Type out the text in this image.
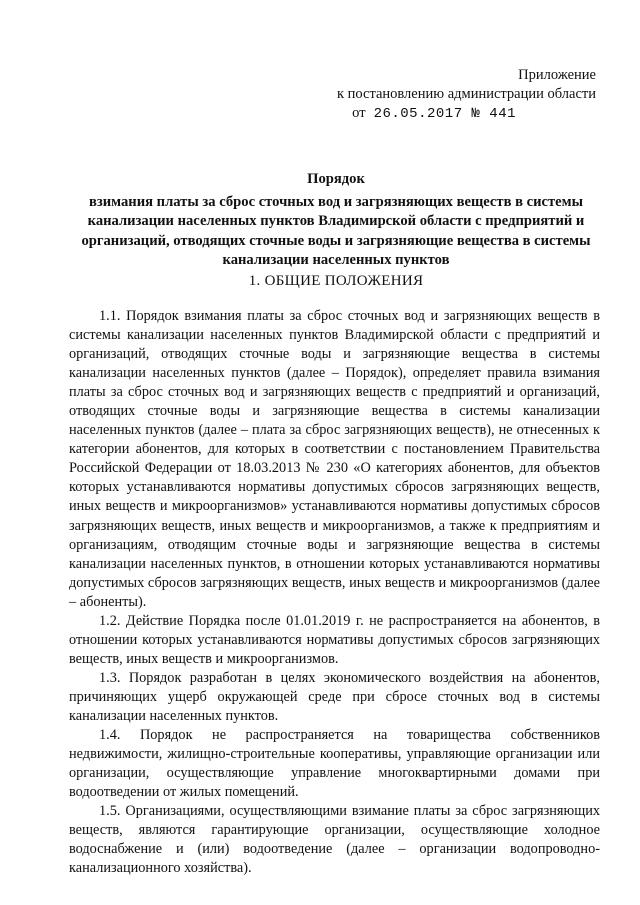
Приложение
к постановлению администрации области
от 26.05.2017 № 441
Порядок
взимания платы за сброс сточных вод и загрязняющих веществ в системы канализации населенных пунктов Владимирской области с предприятий и организаций, отводящих сточные воды и загрязняющие вещества в системы канализации населенных пунктов
1. ОБЩИЕ ПОЛОЖЕНИЯ

1.1. Порядок взимания платы за сброс сточных вод и загрязняющих веществ в системы канализации населенных пунктов Владимирской области с предприятий и организаций, отводящих сточные воды и загрязняющие вещества в системы канализации населенных пунктов (далее – Порядок), определяет правила взимания платы за сброс сточных вод и загрязняющих веществ с предприятий и организаций, отводящих сточные воды и загрязняющие вещества в системы канализации населенных пунктов (далее – плата за сброс загрязняющих веществ), не отнесенных к категории абонентов, для которых в соответствии с постановлением Правительства Российской Федерации от 18.03.2013 № 230 «О категориях абонентов, для объектов которых устанавливаются нормативы допустимых сбросов загрязняющих веществ, иных веществ и микроорганизмов» устанавливаются нормативы допустимых сбросов загрязняющих веществ, иных веществ и микроорганизмов, а также к предприятиям и организациям, отводящим сточные воды и загрязняющие вещества в системы канализации населенных пунктов, в отношении которых устанавливаются нормативы допустимых сбросов загрязняющих веществ, иных веществ и микроорганизмов (далее – абоненты).

1.2. Действие Порядка после 01.01.2019 г. не распространяется на абонентов, в отношении которых устанавливаются нормативы допустимых сбросов загрязняющих веществ, иных веществ и микроорганизмов.

1.3. Порядок разработан в целях экономического воздействия на абонентов, причиняющих ущерб окружающей среде при сбросе сточных вод в системы канализации населенных пунктов.

1.4. Порядок не распространяется на товарищества собственников недвижимости, жилищно-строительные кооперативы, управляющие организации или организации, осуществляющие управление многоквартирными домами при водоотведении от жилых помещений.

1.5. Организациями, осуществляющими взимание платы за сброс загрязняющих веществ, являются гарантирующие организации, осуществляющие холодное водоснабжение и (или) водоотведение (далее – организации водопроводно-канализационного хозяйства).
